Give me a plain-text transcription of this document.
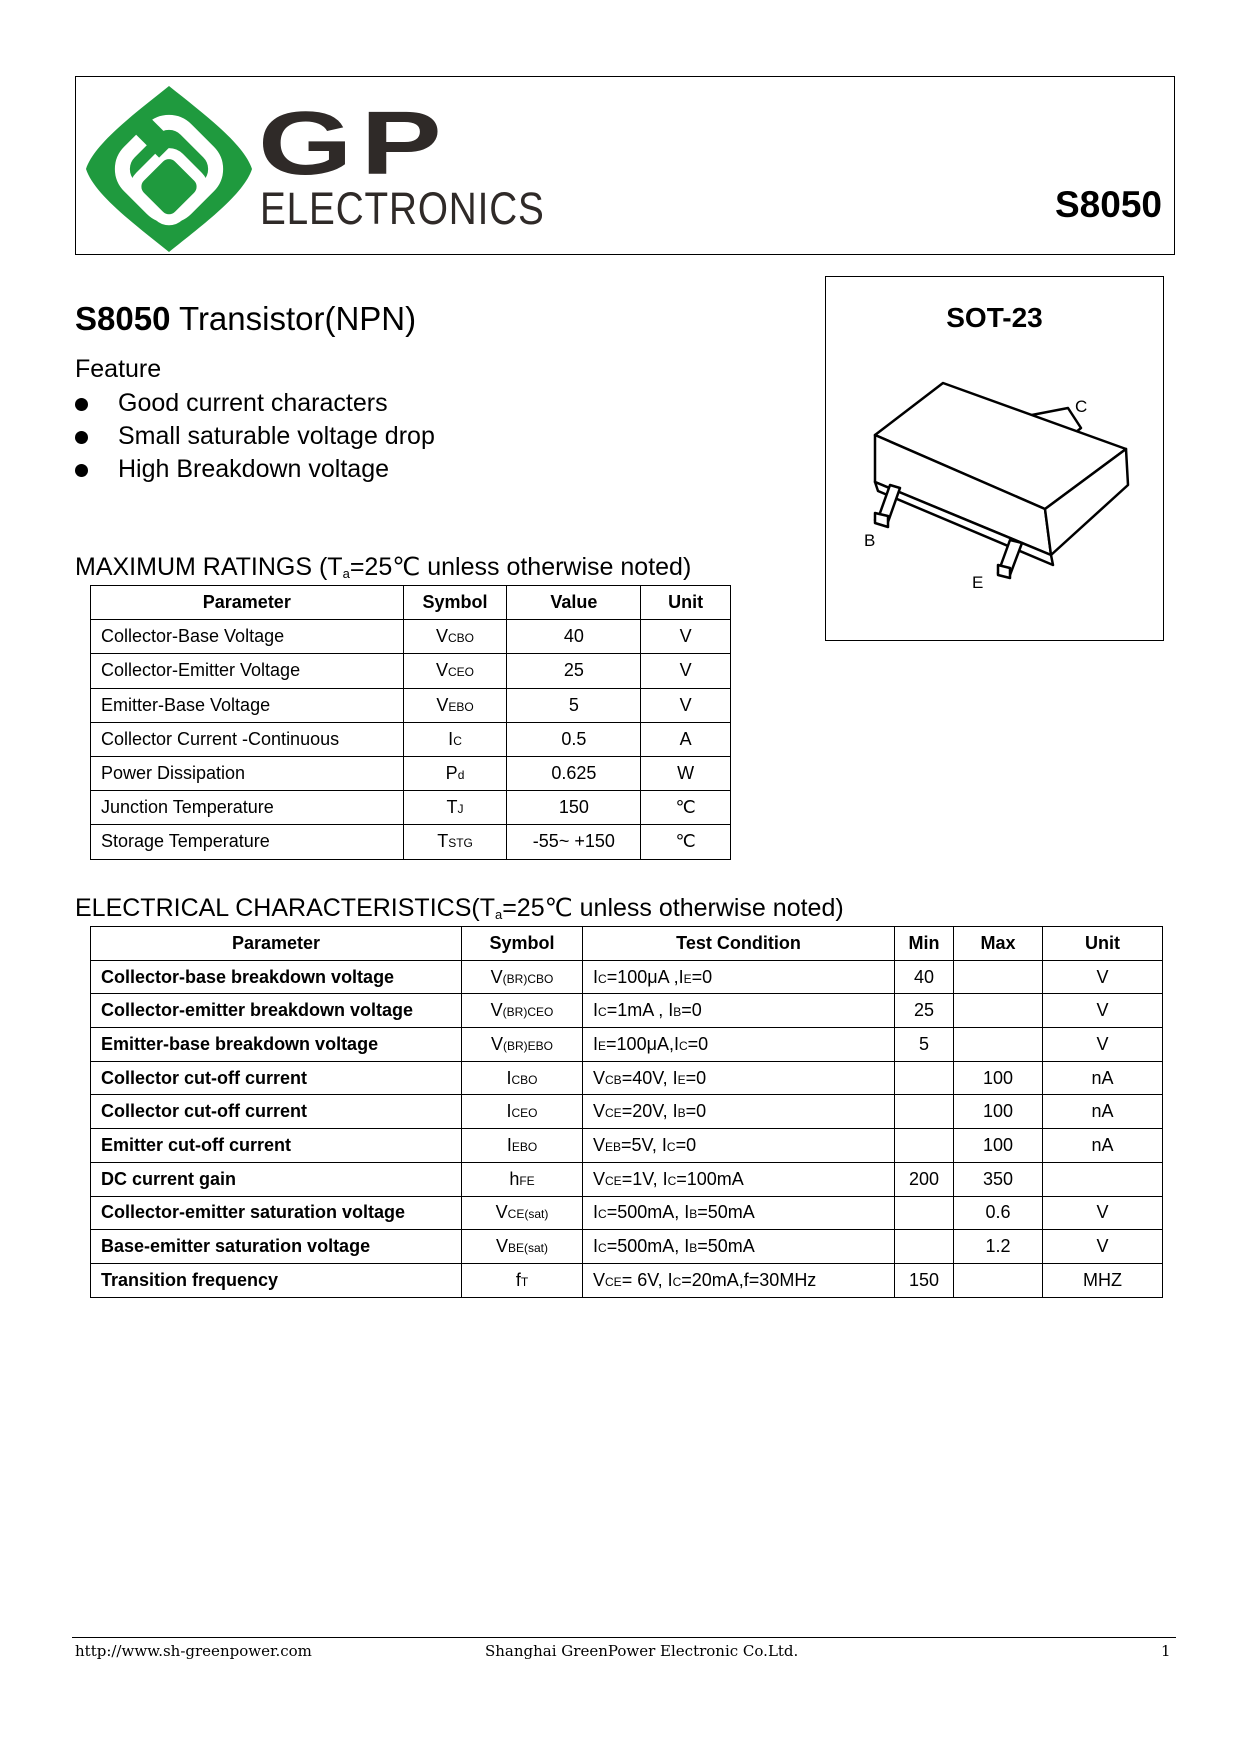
GP
ELECTRONICS	S8050
S8050 Transistor(NPN)
Feature
Good current characters
Small saturable voltage drop
High Breakdown voltage
SOT-23
C
B
E
MAXIMUM RATINGS ($T_a=25℃$ unless otherwise noted)
Parameter	Symbol	Value	Unit
Collector-Base Voltage	VCBO	40	V
Collector-Emitter Voltage	VCEO	25	V
Emitter-Base Voltage	VEBO	5	V
Collector Current -Continuous	IC	0.5	A
Power Dissipation	Pd	0.625	W
Junction Temperature	TJ	150	℃
Storage Temperature	TSTG	-55~ +150	℃
ELECTRICAL $CHARACTERISTICS(T_a=25℃$ unless otherwise noted)
Parameter	Symbol	Test Condition	Min	Max	Unit
Collector-base breakdown voltage	V(BR)CBO	IC=100μA ,IE=0	40		V
Collector-emitter breakdown voltage	V(BR)CEO	IC=1mA , IB=0	25		V
Emitter-base breakdown voltage	V(BR)EBO	IE=100μA,IC=0	5		V
Collector cut-off current	ICBO	VCB=40V, IE=0		100	nA
Collector cut-off current	ICEO	VCE=20V, IB=0		100	nA
Emitter cut-off current	IEBO	VEB=5V, IC=0		100	nA
DC current gain	hFE	VCE=1V, IC=100mA	200	350	
Collector-emitter saturation voltage	VCE(sat)	IC=500mA, IB=50mA		0.6	V
Base-emitter saturation voltage	VBE(sat)	IC=500mA, IB=50mA		1.2	V
Transition frequency	fT	VCE= 6V, IC=20mA,f=30MHz	150		MHZ
http://www.sh-greenpower.com	Shanghai GreenPower Electronic Co.Ltd.	1
